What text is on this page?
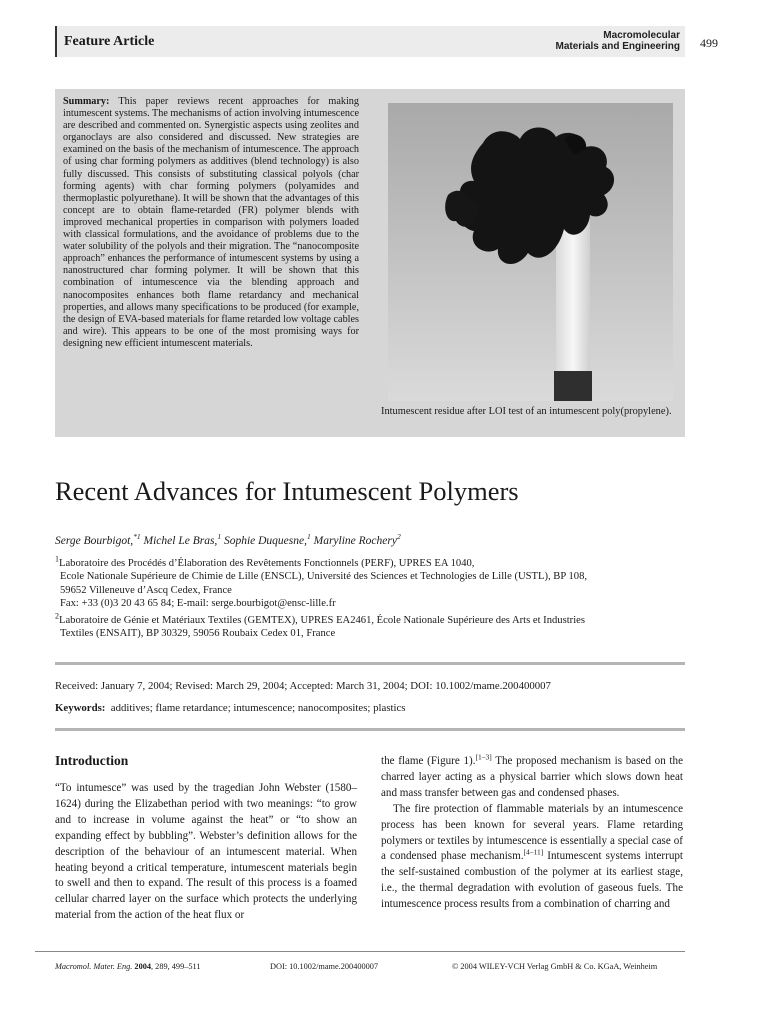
Feature Article	Macromolecular
Materials and Engineering 499
Summary: This paper reviews recent approaches for making intumescent systems. The mechanisms of action involving intumescence are described and commented on. Synergistic aspects using zeolites and organoclays are also considered and discussed. New strategies are examined on the basis of the mechanism of intumescence. The approach of using char forming polymers as additives (blend technology) is also fully discussed. This consists of substituting classical polyols (char forming agents) with char forming polymers (polyamides and thermoplastic polyurethane). It will be shown that the advantages of this concept are to obtain flame-retarded (FR) polymer blends with improved mechanical properties in comparison with polymers loaded with classical formulations, and the avoidance of problems due to the water solubility of the polyols and their migration. The “nanocomposite approach” enhances the performance of intumescent systems by using a nanostructured char forming polymer. It will be shown that this combination of intumescence via the blending approach and nanocomposites enhances both flame retardancy and mechanical properties, and allows many specifications to be produced (for example, the design of EVA-based materials for flame retarded low voltage cables and wire). This appears to be one of the most promising ways for designing new efficient intumescent materials.
Intumescent residue after LOI test of an intumescent poly(propylene).
Recent Advances for Intumescent Polymers
Serge Bourbigot,$^{*1}$ Michel Le Bras,$^1$ Sophie Duquesne,$^1$ Maryline Rochery$^2$
$^1$Laboratoire des Procédés d’Élaboration des Revêtements Fonctionnels (PERF), UPRES EA 1040,
Ecole Nationale Supérieure de Chimie de Lille (ENSCL), Université des Sciences et Technologies de Lille (USTL), BP 108,
59652 Villeneuve d’Ascq Cedex, France
Fax: +33 (0)3 20 43 65 84; E-mail: serge.bourbigot@ensc-lille.fr
$^2$Laboratoire de Génie et Matériaux Textiles (GEMTEX), UPRES EA2461, École Nationale Supérieure des Arts et Industries
Textiles (ENSAIT), BP 30329, 59056 Roubaix Cedex 01, France
Received: January 7, 2004; Revised: March 29, 2004; Accepted: March 31, 2004; DOI: 10.1002/mame.200400007
Keywords: additives; flame retardance; intumescence; nanocomposites; plastics
Introduction

“To intumesce” was used by the tragedian John Webster (1580–1624) during the Elizabethan period with two meanings: “to grow and to increase in volume against the heat” or “to show an expanding effect by bubbling”. Webster’s definition allows for the description of the behaviour of an intumescent material. When heating beyond a critical temperature, intumescent materials begin to swell and then to expand. The result of this process is a foamed cellular charred layer on the surface which protects the underlying material from the action of the heat flux or

the flame (Figure 1).[1–3] The proposed mechanism is based on the charred layer acting as a physical barrier which slows down heat and mass transfer between gas and condensed phases.

The fire protection of flammable materials by an intumescence process has been known for several years. Flame retarding polymers or textiles by intumescence is essentially a special case of a condensed phase mechanism.[4–11] Intumescent systems interrupt the self-sustained combustion of the polymer at its earliest stage, i.e., the thermal degradation with evolution of gaseous fuels. The intumescence process results from a combination of charring and

Macromol. Mater. Eng. 2004, 289, 499–511	DOI: 10.1002/mame.200400007	© 2004 WILEY-VCH Verlag GmbH & Co. KGaA, Weinheim
